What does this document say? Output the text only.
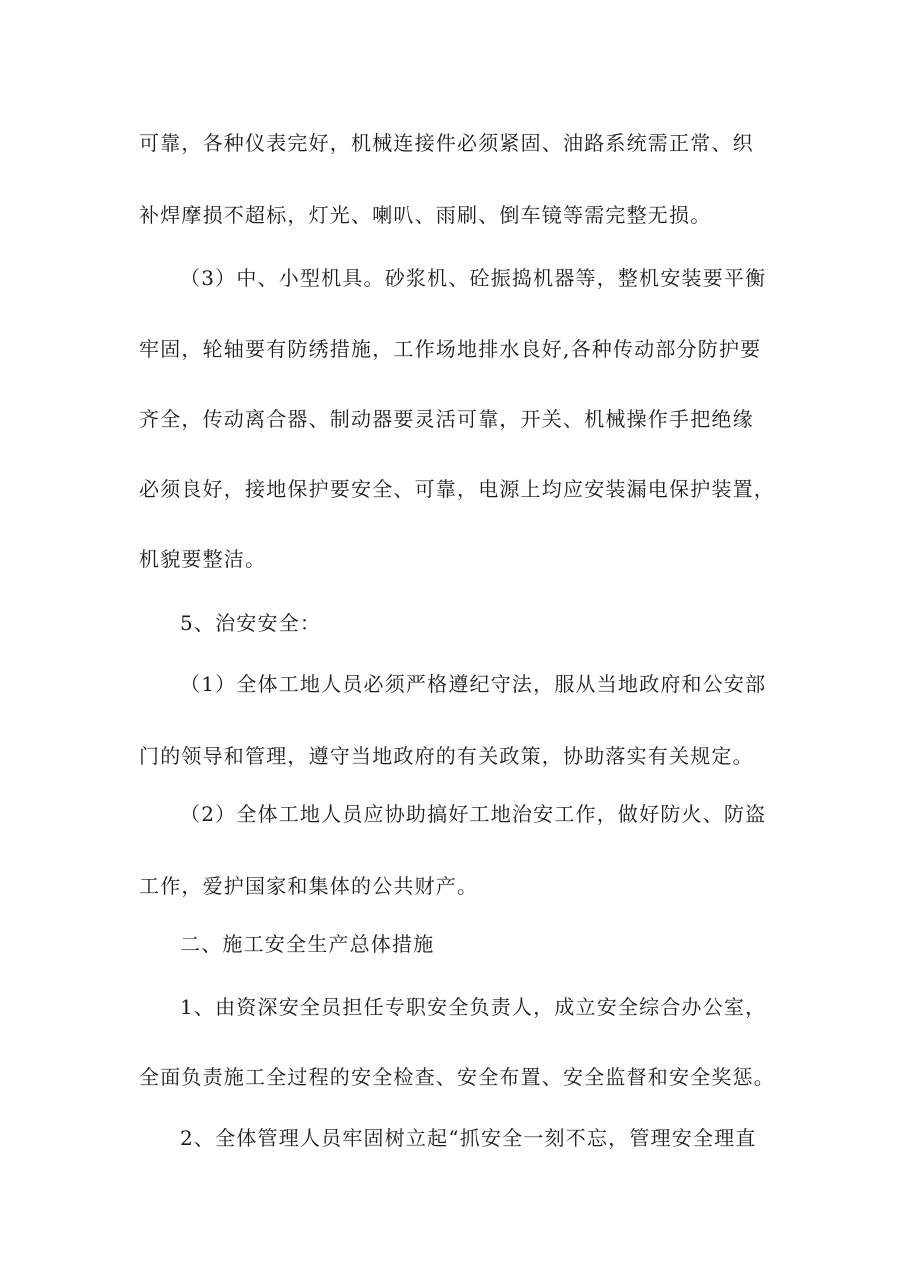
可靠，各种仪表完好，机械连接件必须紧固、油路系统需正常、织
补焊摩损不超标，灯光、喇叭、雨刷、倒车镜等需完整无损。
（3）中、小型机具。砂浆机、砼振捣机器等，整机安装要平衡
牢固，轮轴要有防绣措施，工作场地排水良好,各种传动部分防护要
齐全，传动离合器、制动器要灵活可靠，开关、机械操作手把绝缘
必须良好，接地保护要安全、可靠，电源上均应安装漏电保护装置，
机貌要整洁。
5、治安安全：
（1）全体工地人员必须严格遵纪守法，服从当地政府和公安部
门的领导和管理，遵守当地政府的有关政策，协助落实有关规定。
（2）全体工地人员应协助搞好工地治安工作，做好防火、防盗
工作，爱护国家和集体的公共财产。
二、施工安全生产总体措施
1、由资深安全员担任专职安全负责人，成立安全综合办公室，
全面负责施工全过程的安全检查、安全布置、安全监督和安全奖惩。
2、全体管理人员牢固树立起“抓安全一刻不忘，管理安全理直
